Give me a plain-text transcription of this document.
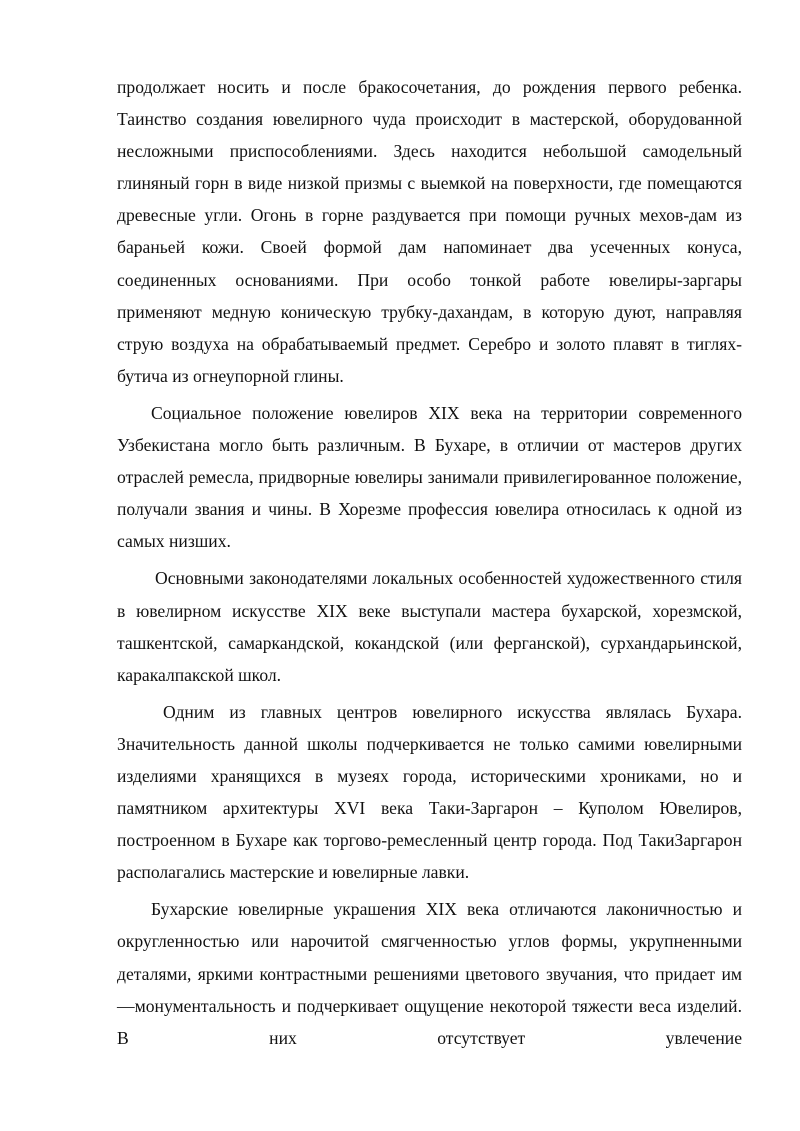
продолжает носить и после бракосочетания, до рождения первого ребенка. Таинство создания ювелирного чуда происходит в мастерской, оборудованной несложными приспособлениями. Здесь находится небольшой самодельный глиняный горн в виде низкой призмы с выемкой на поверхности, где помещаются древесные угли. Огонь в горне раздувается при помощи ручных мехов-дам из бараньей кожи. Своей формой дам напоминает два усеченных конуса, соединенных основаниями. При особо тонкой работе ювелиры-заргары применяют медную коническую трубку-дахандам, в которую дуют, направляя струю воздуха на обрабатываемый предмет. Серебро и золото плавят в тиглях-бутича из огнеупорной глины.

Социальное положение ювелиров XIX века на территории современного Узбекистана могло быть различным. В Бухаре, в отличии от мастеров других отраслей ремесла, придворные ювелиры занимали привилегированное положение, получали звания и чины. В Хорезме профессия ювелира относилась к одной из самых низших.

Основными законодателями локальных особенностей художественного стиля в ювелирном искусстве XIX веке выступали мастера бухарской, хорезмской, ташкентской, самаркандской, кокандской (или ферганской), сурхандарьинской, каракалпакской школ.

Одним из главных центров ювелирного искусства являлась Бухара. Значительность данной школы подчеркивается не только самими ювелирными изделиями хранящихся в музеях города, историческими хрониками, но и памятником архитектуры XVI века Таки-Заргарон – Куполом Ювелиров, построенном в Бухаре как торгово-ремесленный центр города. Под ТакиЗаргарон располагались мастерские и ювелирные лавки.

Бухарские ювелирные украшения XIX века отличаются лаконичностью и округленностью или нарочитой смягченностью углов формы, укрупненными деталями, яркими контрастными решениями цветового звучания, что придает им ―монументальность и подчеркивает ощущение некоторой тяжести веса изделий. В них отсутствует увлечение
